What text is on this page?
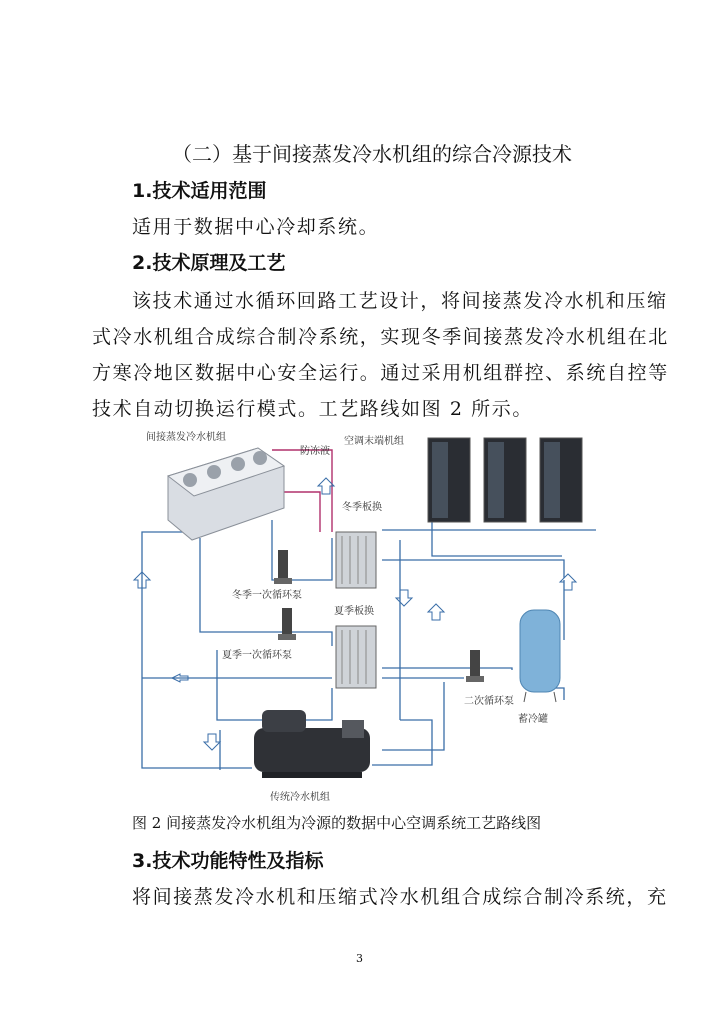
（二）基于间接蒸发冷水机组的综合冷源技术
1.技术适用范围
适用于数据中心冷却系统。
2.技术原理及工艺
该技术通过水循环回路工艺设计，将间接蒸发冷水机和压缩
式冷水机组合成综合制冷系统，实现冬季间接蒸发冷水机组在北
方寒冷地区数据中心安全运行。通过采用机组群控、系统自控等
技术自动切换运行模式。工艺路线如图 2 所示。
间接蒸发冷水机组
防冻液
空调末端机组
冬季板换
夏季板换
冬季一次循环泵
夏季一次循环泵
二次循环泵
蓄冷罐
传统冷水机组
图 2 间接蒸发冷水机组为冷源的数据中心空调系统工艺路线图
3.技术功能特性及指标
将间接蒸发冷水机和压缩式冷水机组合成综合制冷系统，充
3
